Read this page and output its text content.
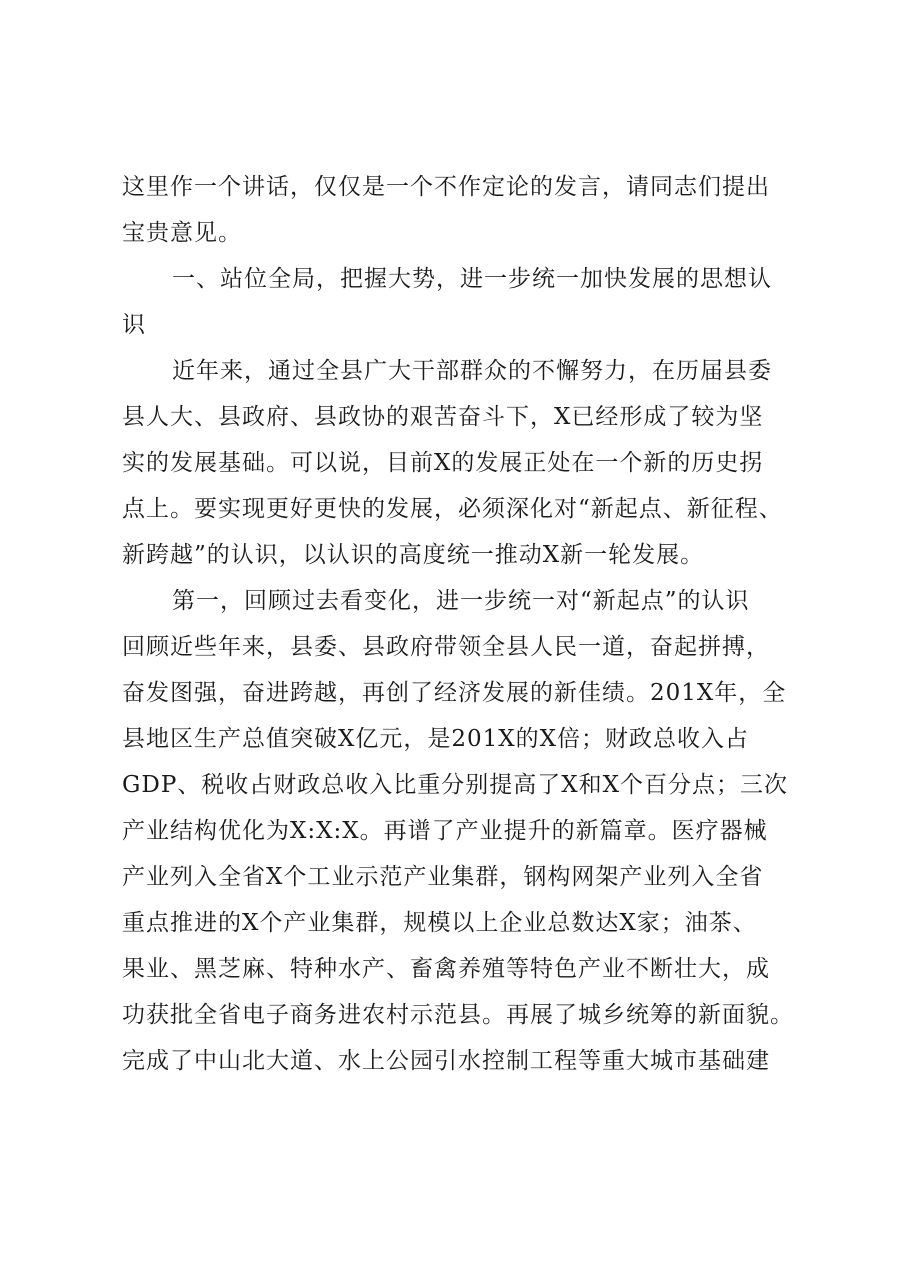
这里作一个讲话，仅仅是一个不作定论的发言，请同志们提出
宝贵意见。
一、站位全局，把握大势，进一步统一加快发展的思想认
识
近年来，通过全县广大干部群众的不懈努力，在历届县委
县人大、县政府、县政协的艰苦奋斗下，X已经形成了较为坚
实的发展基础。可以说，目前X的发展正处在一个新的历史拐
点上。要实现更好更快的发展，必须深化对“新起点、新征程、
新跨越”的认识，以认识的高度统一推动X新一轮发展。
第一，回顾过去看变化，进一步统一对“新起点”的认识
回顾近些年来，县委、县政府带领全县人民一道，奋起拼搏，
奋发图强，奋进跨越，再创了经济发展的新佳绩。201X年，全
县地区生产总值突破X亿元，是201X的X倍；财政总收入占
GDP、税收占财政总收入比重分别提高了X和X个百分点；三次
产业结构优化为X:X:X。再谱了产业提升的新篇章。医疗器械
产业列入全省X个工业示范产业集群，钢构网架产业列入全省
重点推进的X个产业集群，规模以上企业总数达X家；油茶、
果业、黑芝麻、特种水产、畜禽养殖等特色产业不断壮大，成
功获批全省电子商务进农村示范县。再展了城乡统筹的新面貌。
完成了中山北大道、水上公园引水控制工程等重大城市基础建
